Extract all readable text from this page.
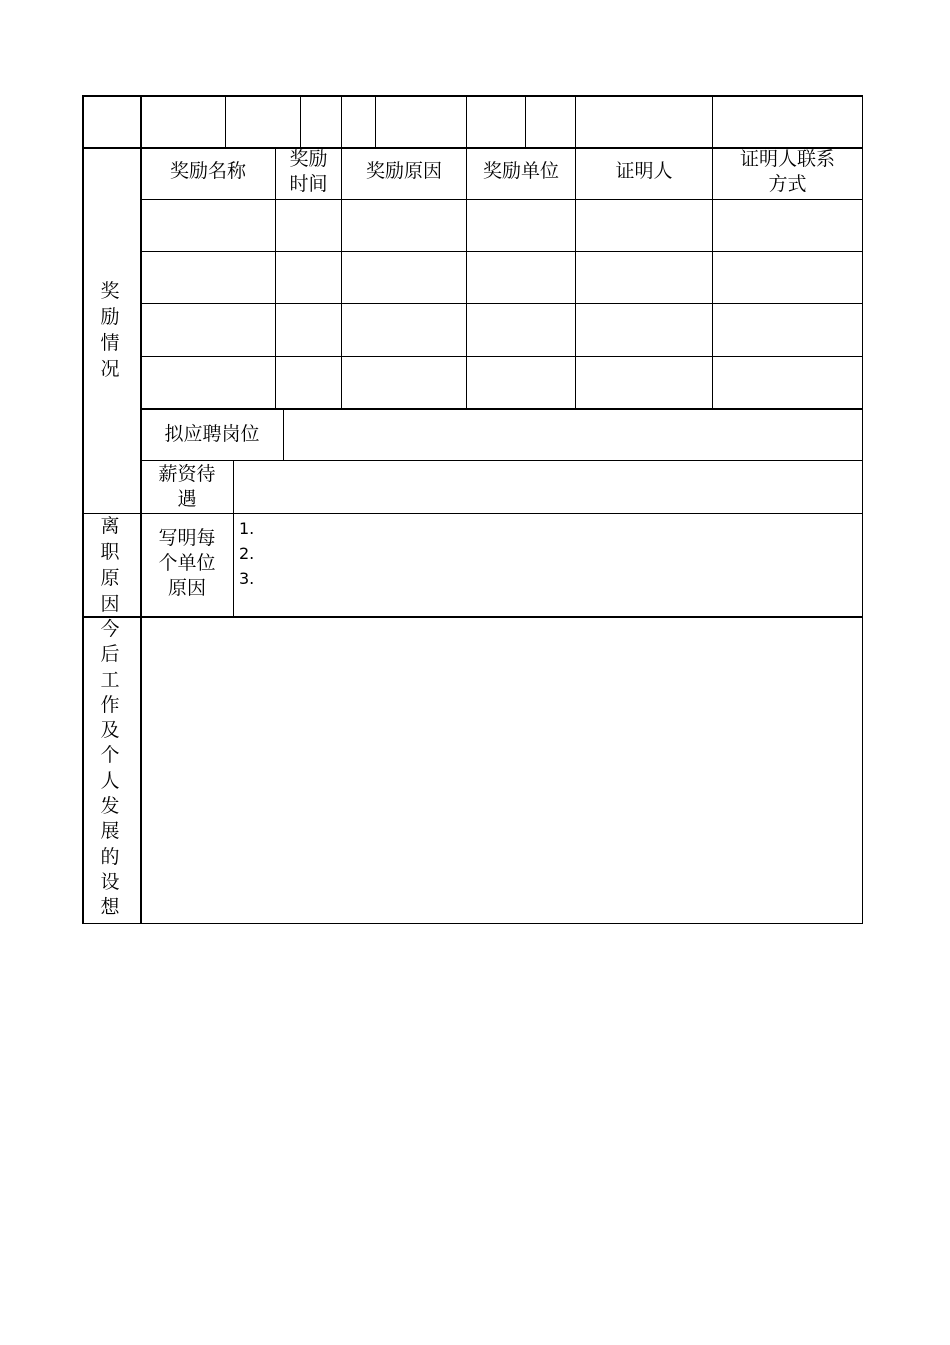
奖
励
情
况
奖励名称
奖励
时间
奖励原因	奖励单位	证明人
证明人联系
方式
拟应聘岗位
薪资待
遇
离
职
原
因
写明每
个单位
原因
1.
2.
3.
今
后
工
作
及
个
人
发
展
的
设
想
